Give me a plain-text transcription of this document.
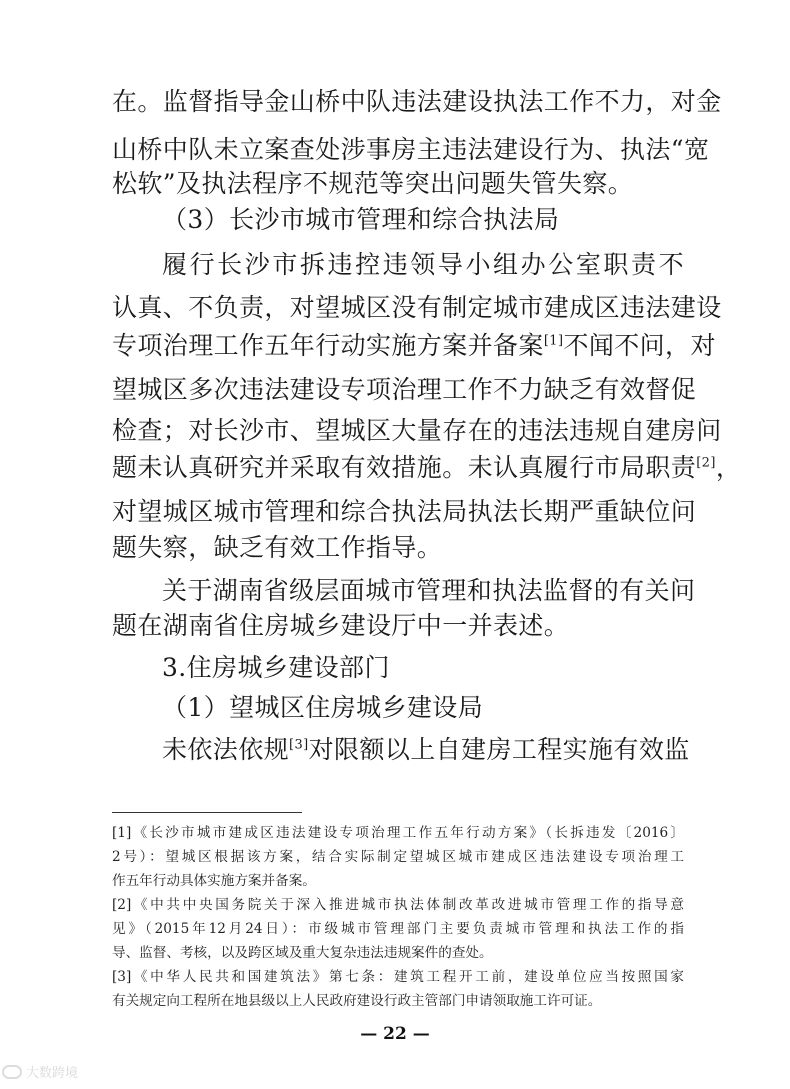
在。监督指导金山桥中队违法建设执法工作不力，对金
山桥中队未立案查处涉事房主违法建设行为、执法“宽
松软”及执法程序不规范等突出问题失管失察。
（3）长沙市城市管理和综合执法局
履行长沙市拆违控违领导小组办公室职责不
认真、不负责，对望城区没有制定城市建成区违法建设
专项治理工作五年行动实施方案并备案[1]不闻不问，对
望城区多次违法建设专项治理工作不力缺乏有效督促
检查；对长沙市、望城区大量存在的违法违规自建房问
题未认真研究并采取有效措施。未认真履行市局职责[2]，
对望城区城市管理和综合执法局执法长期严重缺位问
题失察，缺乏有效工作指导。
关于湖南省级层面城市管理和执法监督的有关问
题在湖南省住房城乡建设厅中一并表述。
3.住房城乡建设部门
（1）望城区住房城乡建设局
未依法依规[3]对限额以上自建房工程实施有效监
[1]《长沙市城市建成区违法建设专项治理工作五年行动方案》（长拆违发〔2016〕
2号）：望城区根据该方案，结合实际制定望城区城市建成区违法建设专项治理工
作五年行动具体实施方案并备案。
[2]《中共中央国务院关于深入推进城市执法体制改革改进城市管理工作的指导意
见》（2015年12月24日）：市级城市管理部门主要负责城市管理和执法工作的指
导、监督、考核，以及跨区域及重大复杂违法违规案件的查处。
[3]《中华人民共和国建筑法》第七条：建筑工程开工前，建设单位应当按照国家
有关规定向工程所在地县级以上人民政府建设行政主管部门申请领取施工许可证。
— 22 —
大数跨境
